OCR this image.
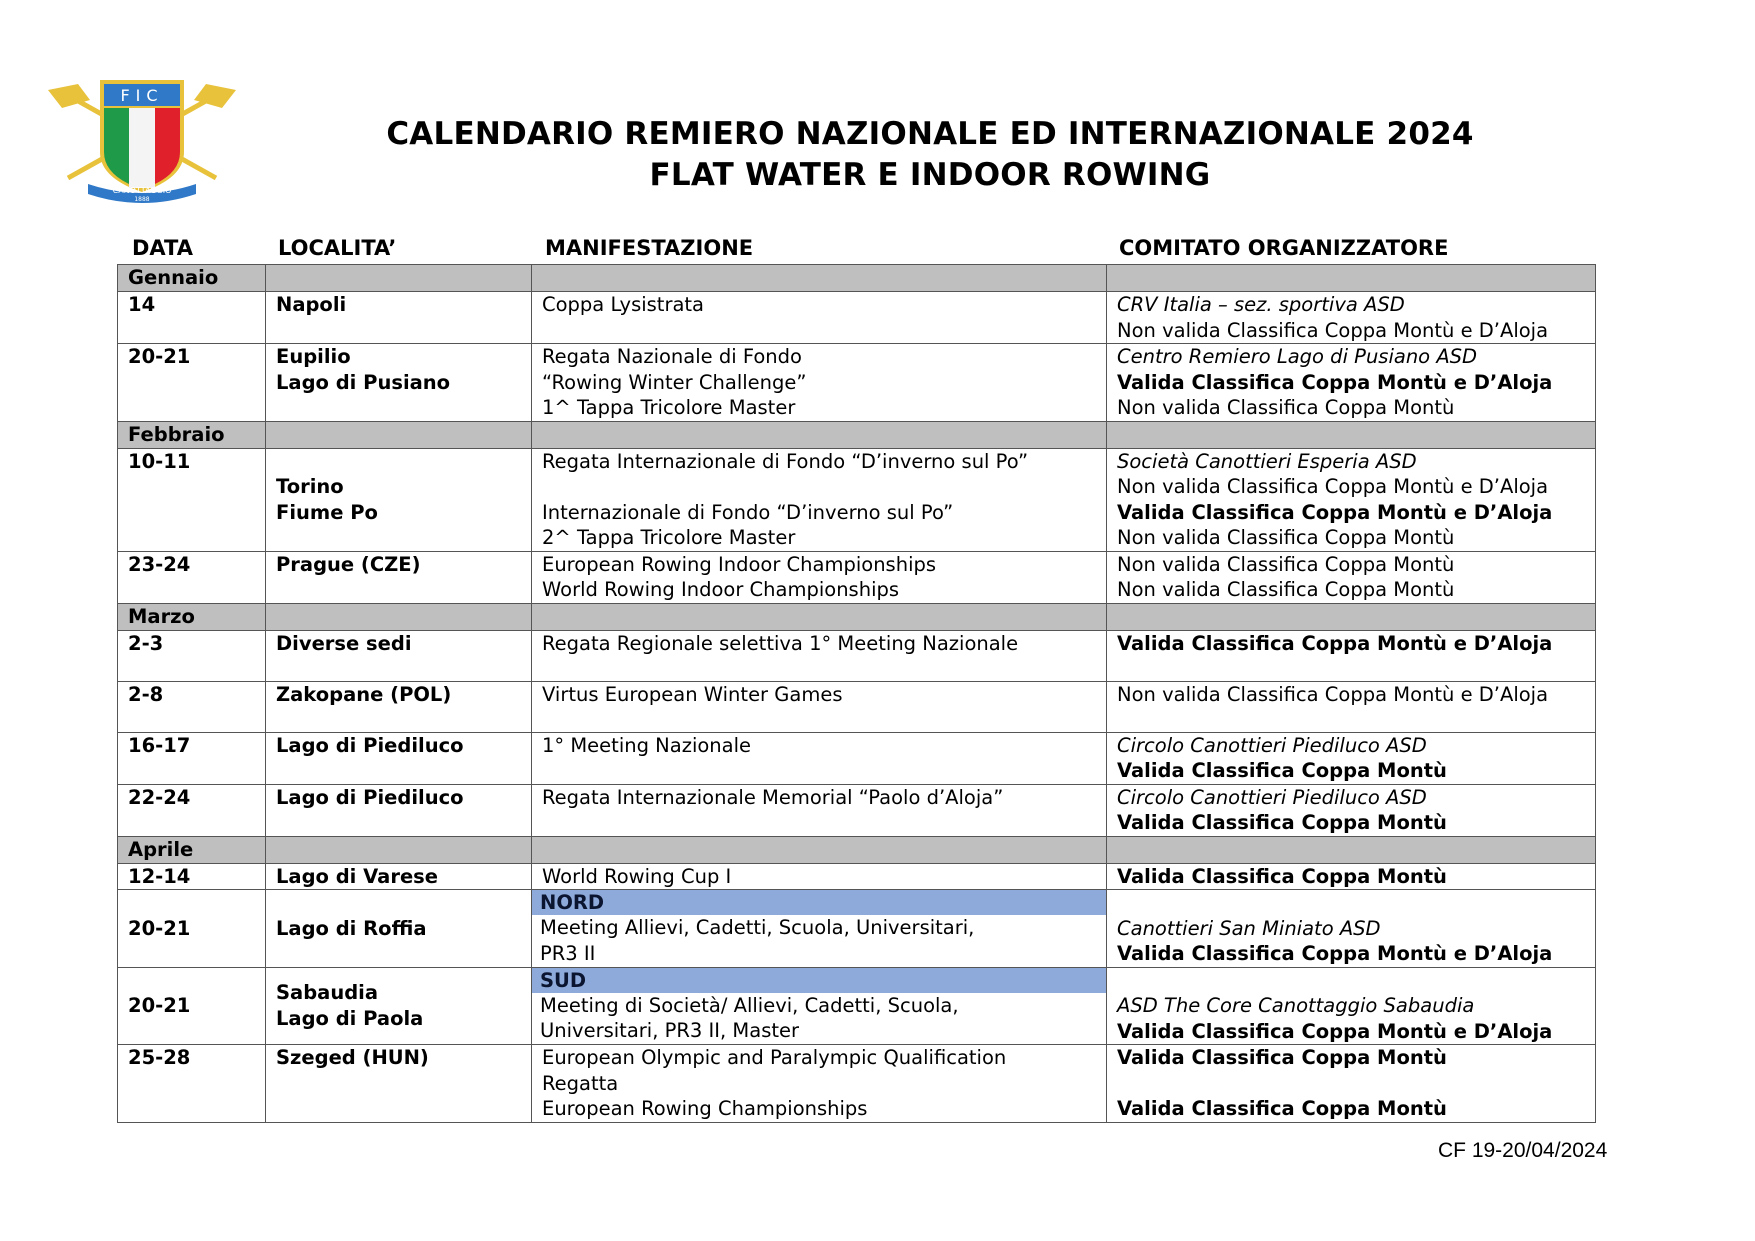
FIC
CANOTTAGGIO
1888
CALENDARIO REMIERO NAZIONALE ED INTERNAZIONALE 2024
FLAT WATER E INDOOR ROWING
DATA	LOCALITA’	MANIFESTAZIONE	COMITATO ORGANIZZATORE
Gennaio			
14	Napoli	Coppa Lysistrata	CRV Italia – sez. sportiva ASD
Non valida Classifica Coppa Montù e D’Aloja

20-21	Eupilio
Lago di Pusiano	Regata Nazionale di Fondo
“Rowing Winter Challenge”
1^ Tappa Tricolore Master	Centro Remiero Lago di Pusiano ASD
Valida Classifica Coppa Montù e D’Aloja
Non valida Classifica Coppa Montù

Febbraio			
10-11	Torino
Fiume Po	Regata Internazionale di Fondo “D’inverno sul Po”
Internazionale di Fondo “D’inverno sul Po”
2^ Tappa Tricolore Master	Società Canottieri Esperia ASD
Non valida Classifica Coppa Montù e D’Aloja
Valida Classifica Coppa Montù e D’Aloja
Non valida Classifica Coppa Montù

23-24	Prague (CZE)	European Rowing Indoor Championships
World Rowing Indoor Championships	Non valida Classifica Coppa Montù
Non valida Classifica Coppa Montù

Marzo			
2-3	Diverse sedi	Regata Regionale selettiva 1° Meeting Nazionale	Valida Classifica Coppa Montù e D’Aloja

2-8	Zakopane (POL)	Virtus European Winter Games	Non valida Classifica Coppa Montù e D’Aloja

16-17	Lago di Piediluco	1° Meeting Nazionale	Circolo Canottieri Piediluco ASD
Valida Classifica Coppa Montù

22-24	Lago di Piediluco	Regata Internazionale Memorial “Paolo d’Aloja”	Circolo Canottieri Piediluco ASD
Valida Classifica Coppa Montù

Aprile			
12-14	Lago di Varese	World Rowing Cup I	Valida Classifica Coppa Montù

20-21	Lago di Roffia	NORD
Meeting Allievi, Cadetti, Scuola, Universitari,
PR3 II	Canottieri San Miniato ASD
Valida Classifica Coppa Montù e D’Aloja

20-21	Sabaudia
Lago di Paola	SUD
Meeting di Società/ Allievi, Cadetti, Scuola,
Universitari, PR3 II, Master	ASD The Core Canottaggio Sabaudia
Valida Classifica Coppa Montù e D’Aloja

25-28	Szeged (HUN)	European Olympic and Paralympic Qualification
Regatta
European Rowing Championships	Valida Classifica Coppa Montù
Valida Classifica Coppa Montù
CF 19-20/04/2024
